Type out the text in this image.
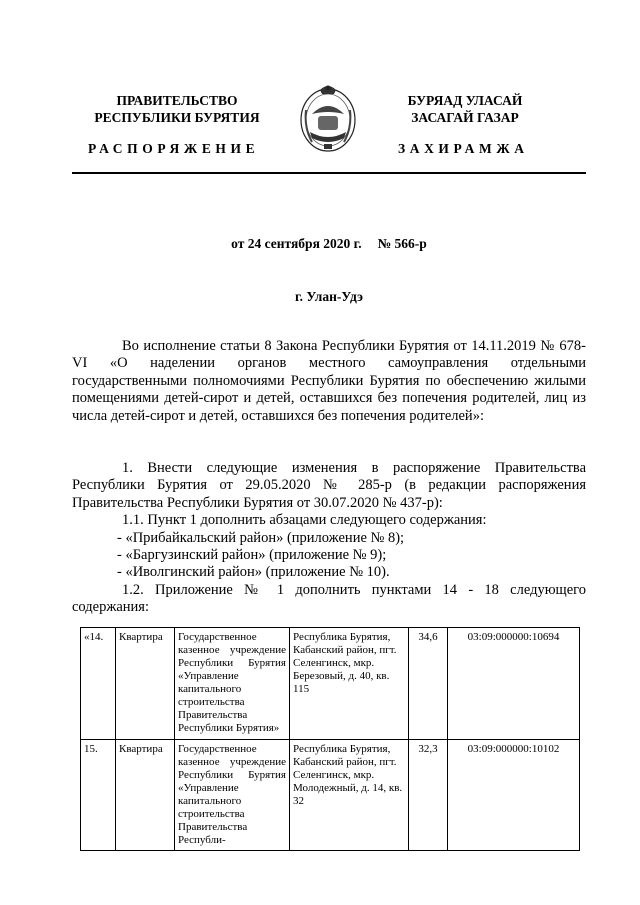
ПРАВИТЕЛЬСТВО
РЕСПУБЛИКИ БУРЯТИЯ
БУРЯАД УЛАСАЙ
ЗАСАГАЙ ГАЗАР
РАСПОРЯЖЕНИЕ	ЗАХИРАМЖА
от 24 сентября 2020 г. № 566-р
г. Улан-Удэ

Во исполнение статьи 8 Закона Республики Бурятия от 14.11.2019 № 678-VI «О наделении органов местного самоуправления отдельными государственными полномочиями Республики Бурятия по обеспечению жилыми помещениями детей-сирот и детей, оставшихся без попечения родителей, лиц из числа детей-сирот и детей, оставшихся без попечения родителей»:

1. Внести следующие изменения в распоряжение Правительства Республики Бурятия от 29.05.2020 № 285-р (в редакции распоряжения Правительства Республики Бурятия от 30.07.2020 № 437-р):

1.1. Пункт 1 дополнить абзацами следующего содержания:

- «Прибайкальский район» (приложение № 8);

- «Баргузинский район» (приложение № 9);

- «Иволгинский район» (приложение № 10).

1.2. Приложение № 1 дополнить пунктами 14 - 18 следующего содержания:

«14.	Квартира	Государственное казенное учреждение Республики Бурятия «Управление капитального строительства Правительства Республики Бурятия»	Республика Бурятия, Кабанский район, пгт. Селенгинск, мкр. Березовый, д. 40, кв. 115	34,6	03:09:000000:10694
15.	Квартира	Государственное казенное учреждение Республики Бурятия «Управление капитального строительства Правительства Республи-	Республика Бурятия, Кабанский район, пгт. Селенгинск, мкр. Молодежный, д. 14, кв. 32	32,3	03:09:000000:10102
